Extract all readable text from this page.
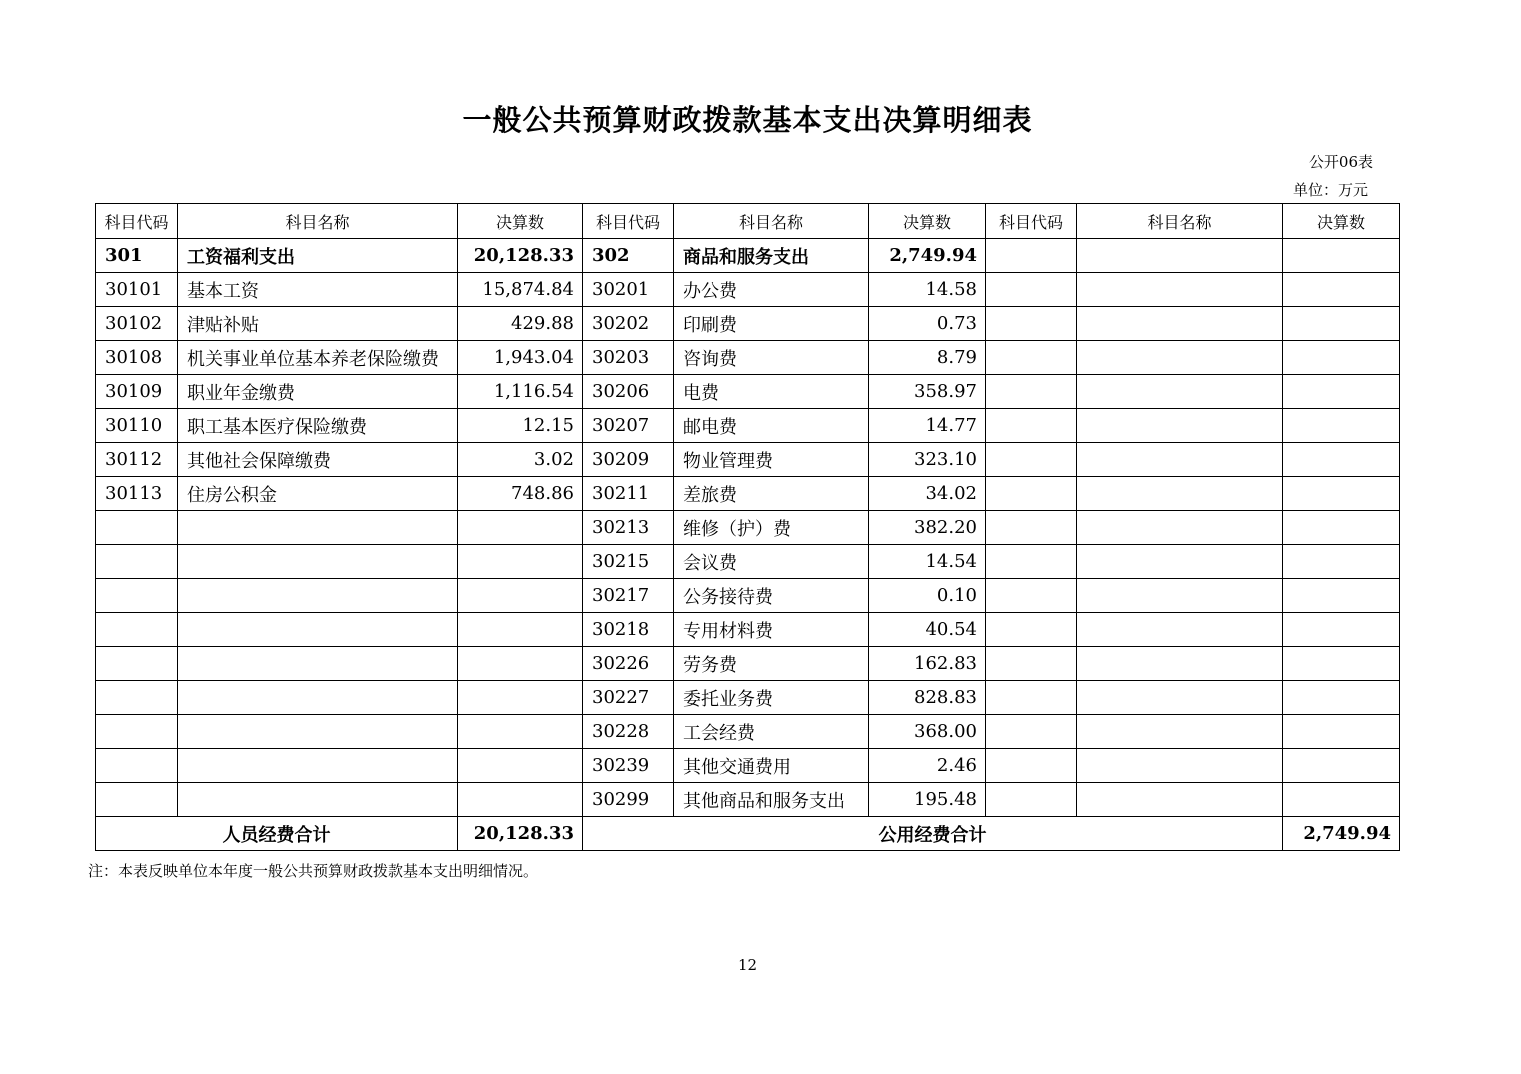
一般公共预算财政拨款基本支出决算明细表
公开06表
单位：万元
科目代码	科目名称	决算数	科目代码	科目名称	决算数	科目代码	科目名称	决算数
301	工资福利支出	20,128.33	302	商品和服务支出	2,749.94			
30101	基本工资	15,874.84	30201	办公费	14.58			
30102	津贴补贴	429.88	30202	印刷费	0.73			
30108	机关事业单位基本养老保险缴费	1,943.04	30203	咨询费	8.79			
30109	职业年金缴费	1,116.54	30206	电费	358.97			
30110	职工基本医疗保险缴费	12.15	30207	邮电费	14.77			
30112	其他社会保障缴费	3.02	30209	物业管理费	323.10			
30113	住房公积金	748.86	30211	差旅费	34.02			
			30213	维修（护）费	382.20			
			30215	会议费	14.54			
			30217	公务接待费	0.10			
			30218	专用材料费	40.54			
			30226	劳务费	162.83			
			30227	委托业务费	828.83			
			30228	工会经费	368.00			
			30239	其他交通费用	2.46			
			30299	其他商品和服务支出	195.48			
人员经费合计		20,128.33	公用经费合计					2,749.94
注：本表反映单位本年度一般公共预算财政拨款基本支出明细情况。
12
